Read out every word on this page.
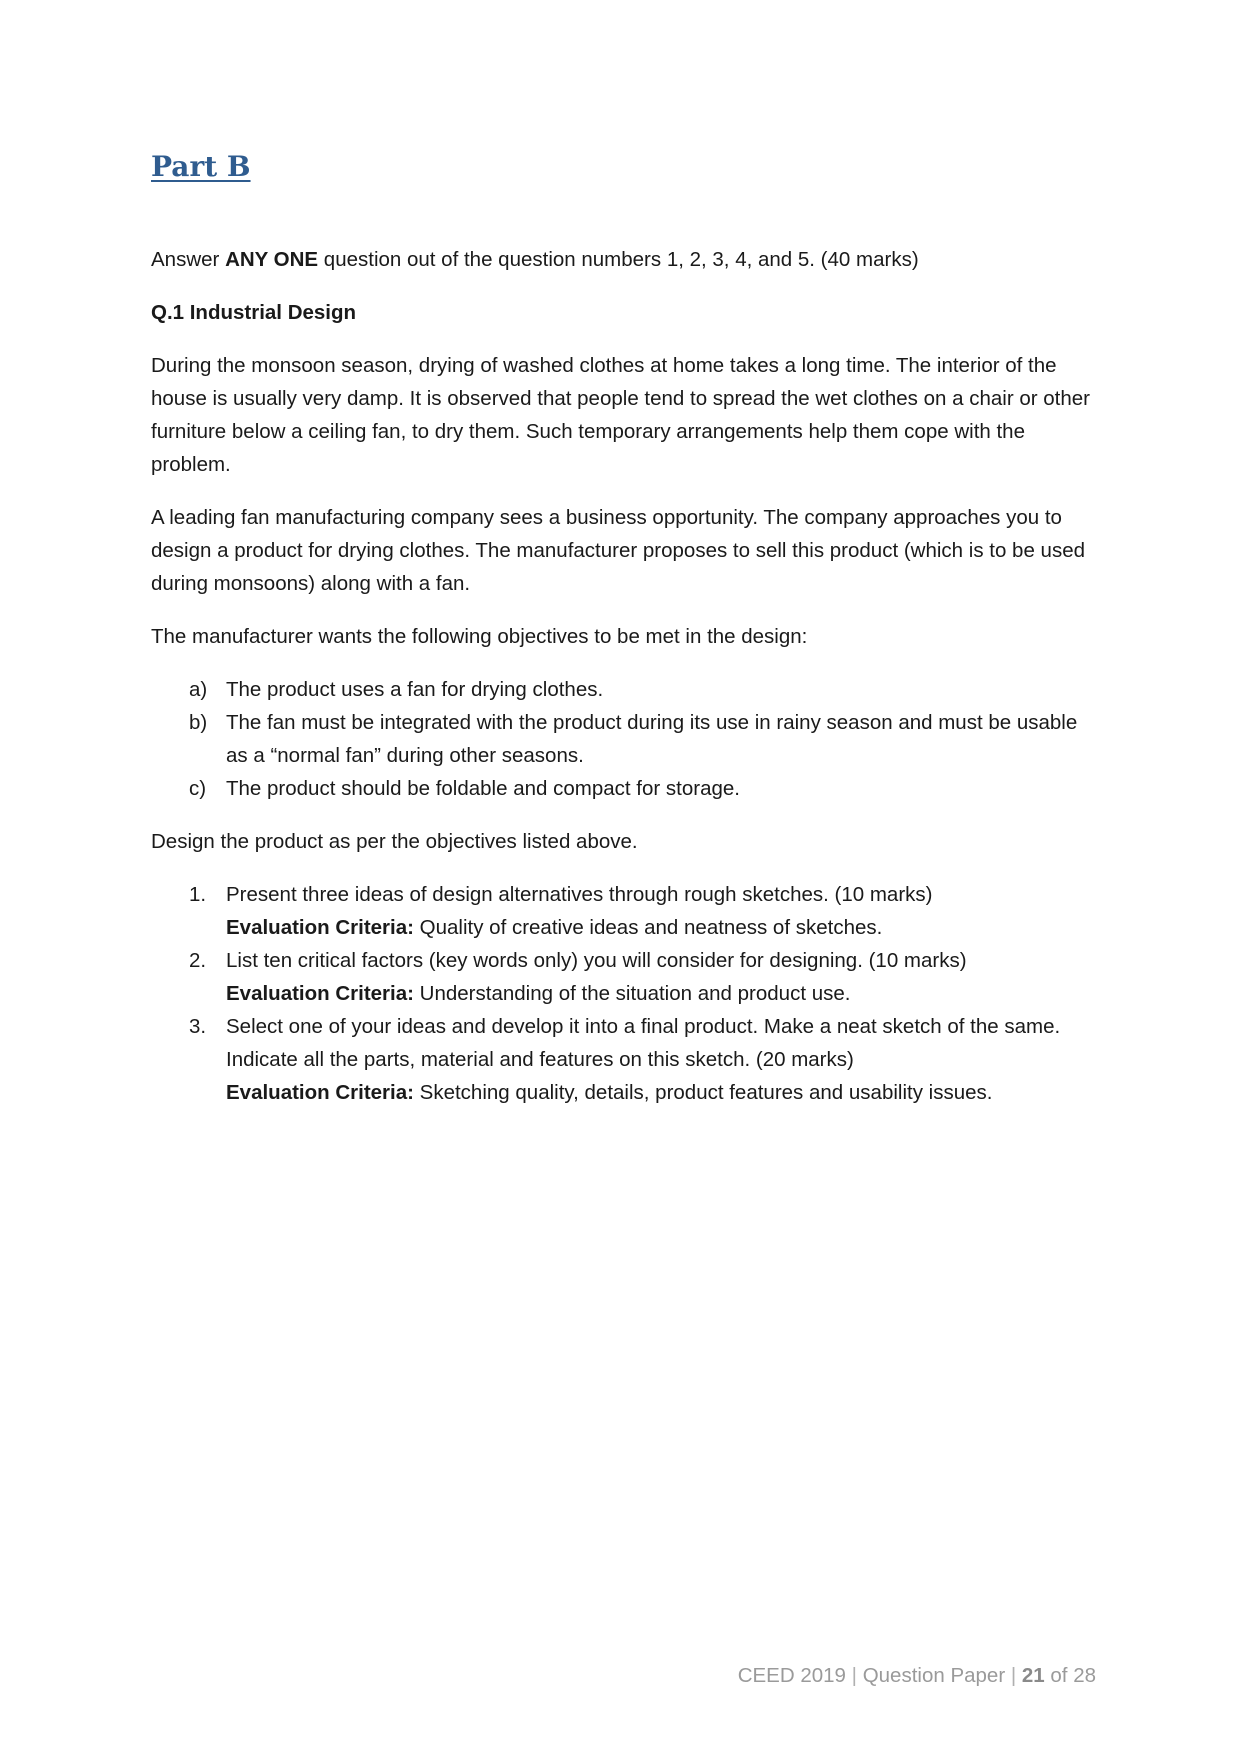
Part B

Answer ANY ONE question out of the question numbers 1, 2, 3, 4, and 5. (40 marks)

Q.1 Industrial Design

During the monsoon season, drying of washed clothes at home takes a long time. The interior of the house is usually very damp. It is observed that people tend to spread the wet clothes on a chair or other furniture below a ceiling fan, to dry them. Such temporary arrangements help them cope with the problem.

A leading fan manufacturing company sees a business opportunity. The company approaches you to design a product for drying clothes. The manufacturer proposes to sell this product (which is to be used during monsoons) along with a fan.

The manufacturer wants the following objectives to be met in the design:

a) The product uses a fan for drying clothes.
b) The fan must be integrated with the product during its use in rainy season and must be usable as a “normal fan” during other seasons.
c) The product should be foldable and compact for storage.

Design the product as per the objectives listed above.

1. Present three ideas of design alternatives through rough sketches. (10 marks)
Evaluation Criteria: Quality of creative ideas and neatness of sketches.
2. List ten critical factors (key words only) you will consider for designing. (10 marks)
Evaluation Criteria: Understanding of the situation and product use.
3. Select one of your ideas and develop it into a final product. Make a neat sketch of the same. Indicate all the parts, material and features on this sketch. (20 marks)
Evaluation Criteria: Sketching quality, details, product features and usability issues.
CEED 2019 | Question Paper | 21 of 28
